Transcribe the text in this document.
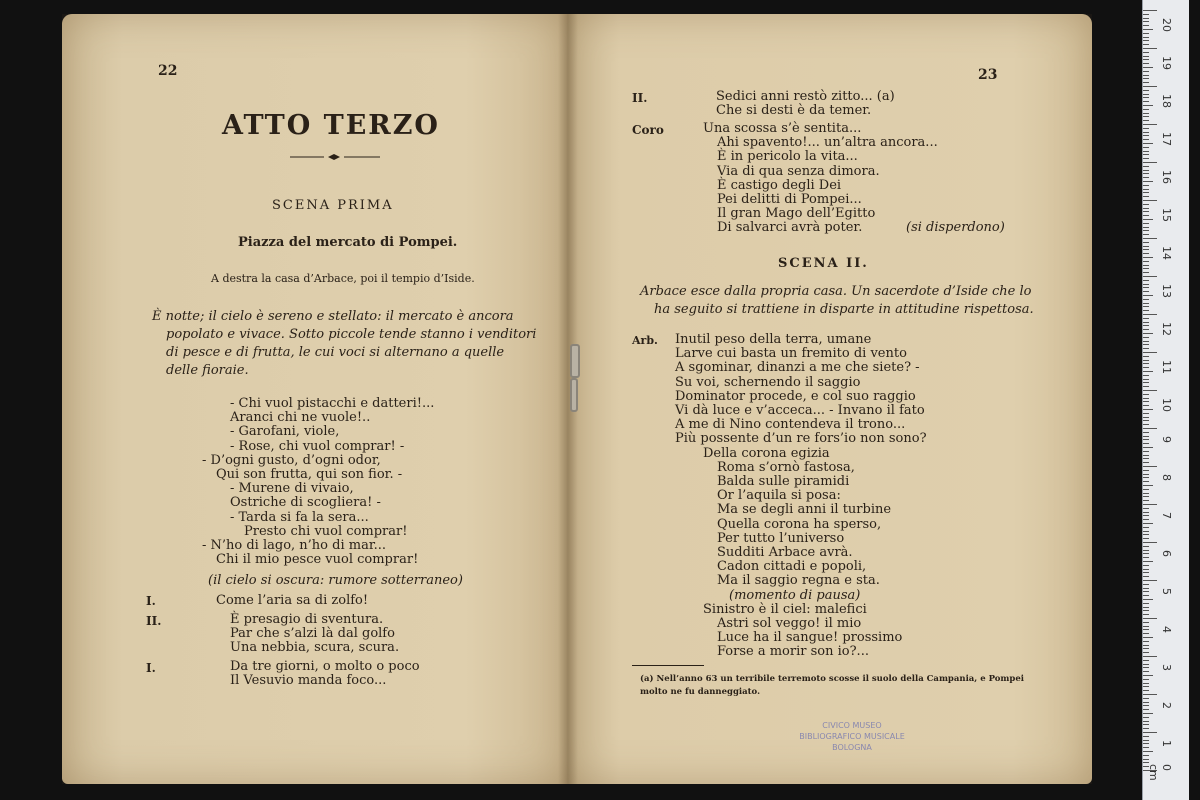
22
ATTO TERZO
SCENA PRIMA
Piazza del mercato di Pompei.
A destra la casa d’Arbace, poi il tempio d’Iside.
È notte; il cielo è sereno e stellato: il mercato è ancora
popolato e vivace. Sotto piccole tende stanno i venditori
di pesce e di frutta, le cui voci si alternano a quelle
delle fioraie.
- Chi vuol pistacchi e datteri!...
Aranci chi ne vuole!..
- Garofani, viole,
- Rose, chi vuol comprar! -
- D’ogni gusto, d’ogni odor,
Qui son frutta, qui son fior. -
- Murene di vivaio,
Ostriche di scogliera! -
- Tarda si fa la sera...
Presto chi vuol comprar!
- N’ho di lago, n’ho di mar...
Chi il mio pesce vuol comprar!
(il cielo si oscura: rumore sotterraneo)
I.	Come l’aria sa di zolfo!
II.	È presagio di sventura.
Par che s’alzi là dal golfo
Una nebbia, scura, scura.
I.	Da tre giorni, o molto o poco
Il Vesuvio manda foco...
23
II.	Sedici anni restò zitto... (a)
Che si desti è da temer.
Coro	Una scossa s’è sentita...
Ahi spavento!... un’altra ancora...
È in pericolo la vita...
Via di qua senza dimora.
È castigo degli Dei
Pei delitti di Pompei...
Il gran Mago dell’Egitto
Di salvarci avrà poter.	(si disperdono)
SCENA II.
Arbace esce dalla propria casa. Un sacerdote d’Iside che lo
ha seguito si trattiene in disparte in attitudine rispettosa.
Arb. Inutil peso della terra, umane
Larve cui basta un fremito di vento
A sgominar, dinanzi a me che siete? -
Su voi, schernendo il saggio
Dominator procede, e col suo raggio
Vi dà luce e v’acceca... - Invano il fato
A me di Nino contendeva il trono...
Più possente d’un re fors’io non sono?
Della corona egizia
Roma s’ornò fastosa,
Balda sulle piramidi
Or l’aquila si posa:
Ma se degli anni il turbine
Quella corona ha sperso,
Per tutto l’universo
Sudditi Arbace avrà.
Cadon cittadi e popoli,
Ma il saggio regna e sta.
(momento di pausa)
Sinistro è il ciel: malefici
Astri sol veggo! il mio
Luce ha il sangue! prossimo
Forse a morir son io?...
(a) Nell’anno 63 un terribile terremoto scosse il suolo della Campania, e Pompei
molto ne fu danneggiato.
CIVICO MUSEO
BIBLIOGRAFICO MUSICALE
BOLOGNA
20
19
18
17
16
15
14
13
12
11
10
9
8
7
6
5
4
3
2
1
0 cm
